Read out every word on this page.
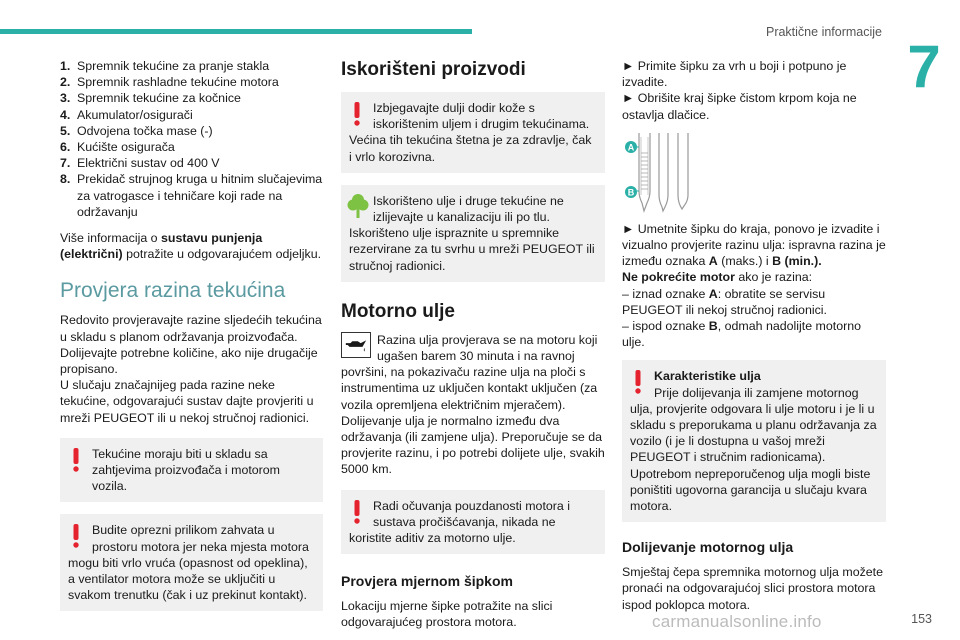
Praktične informacije
7
1. Spremnik tekućine za pranje stakla
2. Spremnik rashladne tekućine motora
3. Spremnik tekućine za kočnice
4. Akumulator/osigurači
5. Odvojena točka mase (-)
6. Kućište osigurača
7. Električni sustav od 400 V
8. Prekidač strujnog kruga u hitnim slučajevima za vatrogasce i tehničare koji rade na održavanju

Više informacija o sustavu punjenja (električni) potražite u odgovarajućem odjeljku.

Provjera razina tekućina

Redovito provjeravajte razine sljedećih tekućina u skladu s planom održavanja proizvođača. Dolijevajte potrebne količine, ako nije drugačije propisano.

U slučaju značajnijeg pada razine neke tekućine, odgovarajući sustav dajte provjeriti u mreži PEUGEOT ili u nekoj stručnoj radionici.

Tekućine moraju biti u skladu sa zahtjevima proizvođača i motorom vozila.

Budite oprezni prilikom zahvata u prostoru motora jer neka mjesta motora

mogu biti vrlo vruća (opasnost od opeklina), a ventilator motora može se uključiti u svakom trenutku (čak i uz prekinut kontakt).

Iskorišteni proizvodi

Izbjegavajte dulji dodir kože s iskorištenim uljem i drugim tekućinama.

Većina tih tekućina štetna je za zdravlje, čak i vrlo korozivna.

Iskorišteno ulje i druge tekućine ne izlijevajte u kanalizaciju ili po tlu.

Iskorišteno ulje ispraznite u spremnike rezervirane za tu svrhu u mreži PEUGEOT ili stručnoj radionici.

Motorno ulje

Razina ulja provjerava se na motoru koji ugašen barem 30 minuta i na ravnoj

površini, na pokazivaču razine ulja na ploči s instrumentima uz uključen kontakt uključen (za vozila opremljena električnim mjeračem).

Dolijevanje ulja je normalno između dva održavanja (ili zamjene ulja). Preporučuje se da provjerite razinu, i po potrebi dolijete ulje, svakih 5000 km.

Radi očuvanja pouzdanosti motora i sustava pročišćavanja, nikada ne

koristite aditiv za motorno ulje.

Provjera mjernom šipkom

Lokaciju mjerne šipke potražite na slici odgovarajućeg prostora motora.

► Primite šipku za vrh u boji i potpuno je izvadite.

► Obrišite kraj šipke čistom krpom koja ne ostavlja dlačice.

A
B

► Umetnite šipku do kraja, ponovo je izvadite i vizualno provjerite razinu ulja: ispravna razina je između oznaka A (maks.) i B (min.).

Ne pokrećite motor ako je razina:

– iznad oznake A: obratite se servisu PEUGEOT ili nekoj stručnoj radionici.

– ispod oznake B, odmah nadolijte motorno ulje.

Karakteristike ulja

Prije dolijevanja ili zamjene motornog

ulja, provjerite odgovara li ulje motoru i je li u skladu s preporukama u planu održavanja za vozilo (i je li dostupna u vašoj mreži PEUGEOT i stručnim radionicama).

Upotrebom nepreporučenog ulja mogli biste poništiti ugovorna garancija u slučaju kvara motora.

Dolijevanje motornog ulja

Smještaj čepa spremnika motornog ulja možete pronaći na odgovarajućoj slici prostora motora ispod poklopca motora.

carmanualsonline.info	153
